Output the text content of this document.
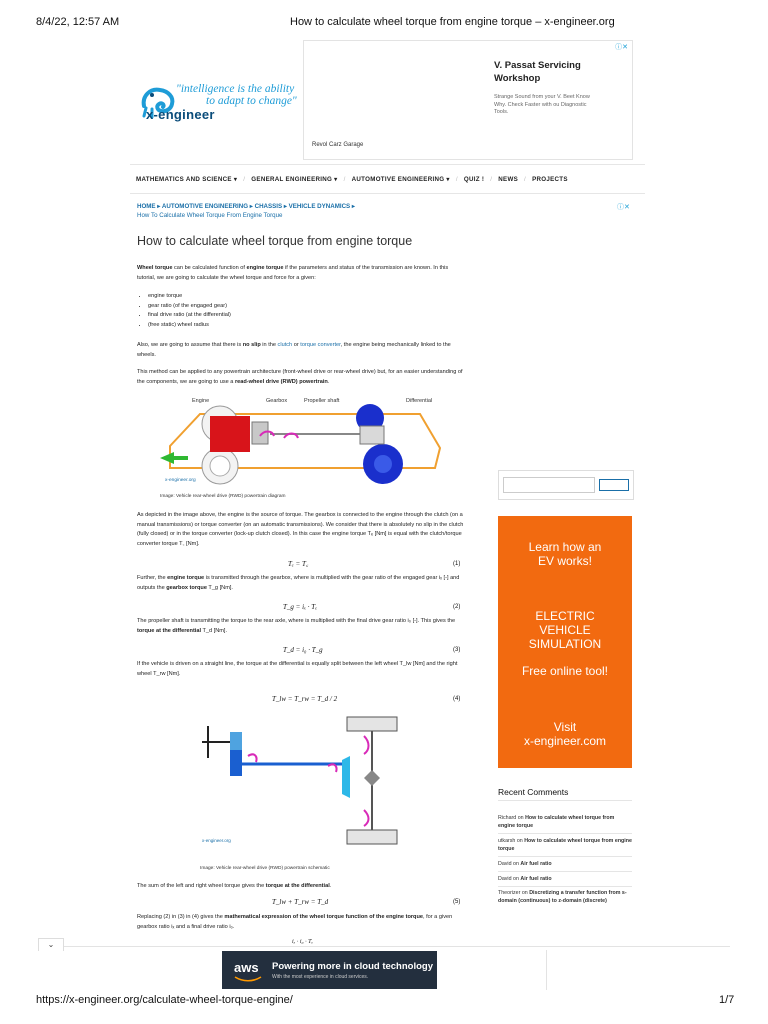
8/4/22, 12:57 AM	How to calculate wheel torque from engine torque – x-engineer.org
"intelligence is the ability
to adapt to change"
x-engineer
ⓘ✕
V. Passat Servicing Workshop
Strange Sound from your V. Beet Know Why. Check Faster with ou Diagnostic Tools.
Revol Carz Garage
MATHEMATICS AND SCIENCE ▾ / GENERAL ENGINEERING ▾ / AUTOMOTIVE ENGINEERING ▾ / QUIZ ! / NEWS / PROJECTS
HOME ▸ AUTOMOTIVE ENGINEERING ▸ CHASSIS ▸ VEHICLE DYNAMICS ▸
How To Calculate Wheel Torque From Engine Torque
ⓘ✕
How to calculate wheel torque from engine torque
Wheel torque can be calculated function of engine torque if the parameters and status of the transmission are known. In this tutorial, we are going to calculate the wheel torque and force for a given:
• engine torque
• gear ratio (of the engaged gear)
• final drive ratio (at the differential)
• (free static) wheel radius
Also, we are going to assume that there is no slip in the clutch or torque converter, the engine being mechanically linked to the wheels.
This method can be applied to any powertrain architecture (front-wheel drive or rear-wheel drive) but, for an easier understanding of the components, we are going to use a read-wheel drive (RWD) powertrain.
Engine	Gearbox	Propeller shaft	Differential
x-engineer.org
Image: Vehicle rear-wheel drive (RWD) powertrain diagram
As depicted in the image above, the engine is the source of torque. The gearbox is connected to the engine through the clutch (on a manual transmissions) or torque converter (on an automatic transmissions). We consider that there is absolutely no slip in the clutch (fully closed) or in the torque converter (lock-up clutch closed). In this case the engine torque Tₑ [Nm] is equal with the clutch/torque converter torque T꜀ [Nm].
Tₑ = T꜀	(1)
Further, the engine torque is transmitted through the gearbox, where is multiplied with the gear ratio of the engaged gear iₓ [-] and outputs the gearbox torque T_g [Nm].
T_g = iₓ · Tₑ	(2)
The propeller shaft is transmitting the torque to the rear axle, where is multiplied with the final drive gear ratio i₀ [-]. This gives the torque at the differential T_d [Nm].
T_d = i₀ · T_g	(3)
If the vehicle is driven on a straight line, the torque at the differential is equally split between the left wheel T_lw [Nm] and the right wheel T_rw [Nm].
T_lw = T_rw = T_d / 2	(4)
x-engineer.org
Image: Vehicle rear-wheel drive (RWD) powertrain schematic
The sum of the left and right wheel torque gives the torque at the differential.
T_lw + T_rw = T_d	(5)
Replacing (2) in (3) in (4) gives the mathematical expression of the wheel torque function of the engine torque, for a given gearbox ratio iₓ and a final drive ratio i₀.
iₓ · i₀ · Tₑ
Learn how an
EV works!
ELECTRIC
VEHICLE
SIMULATION
Free online tool!
Visit
x-engineer.com
Recent Comments
Richard on How to calculate wheel torque from engine torque
utkarsh on How to calculate wheel torque from engine torque
David on Air fuel ratio
David on Air fuel ratio
Theorizer on Discretizing a transfer function from s-domain (continuous) to z-domain (discrete)
⌄
aws Powering more in cloud technology
With the most experience in cloud services.
https://x-engineer.org/calculate-wheel-torque-engine/	1/7
